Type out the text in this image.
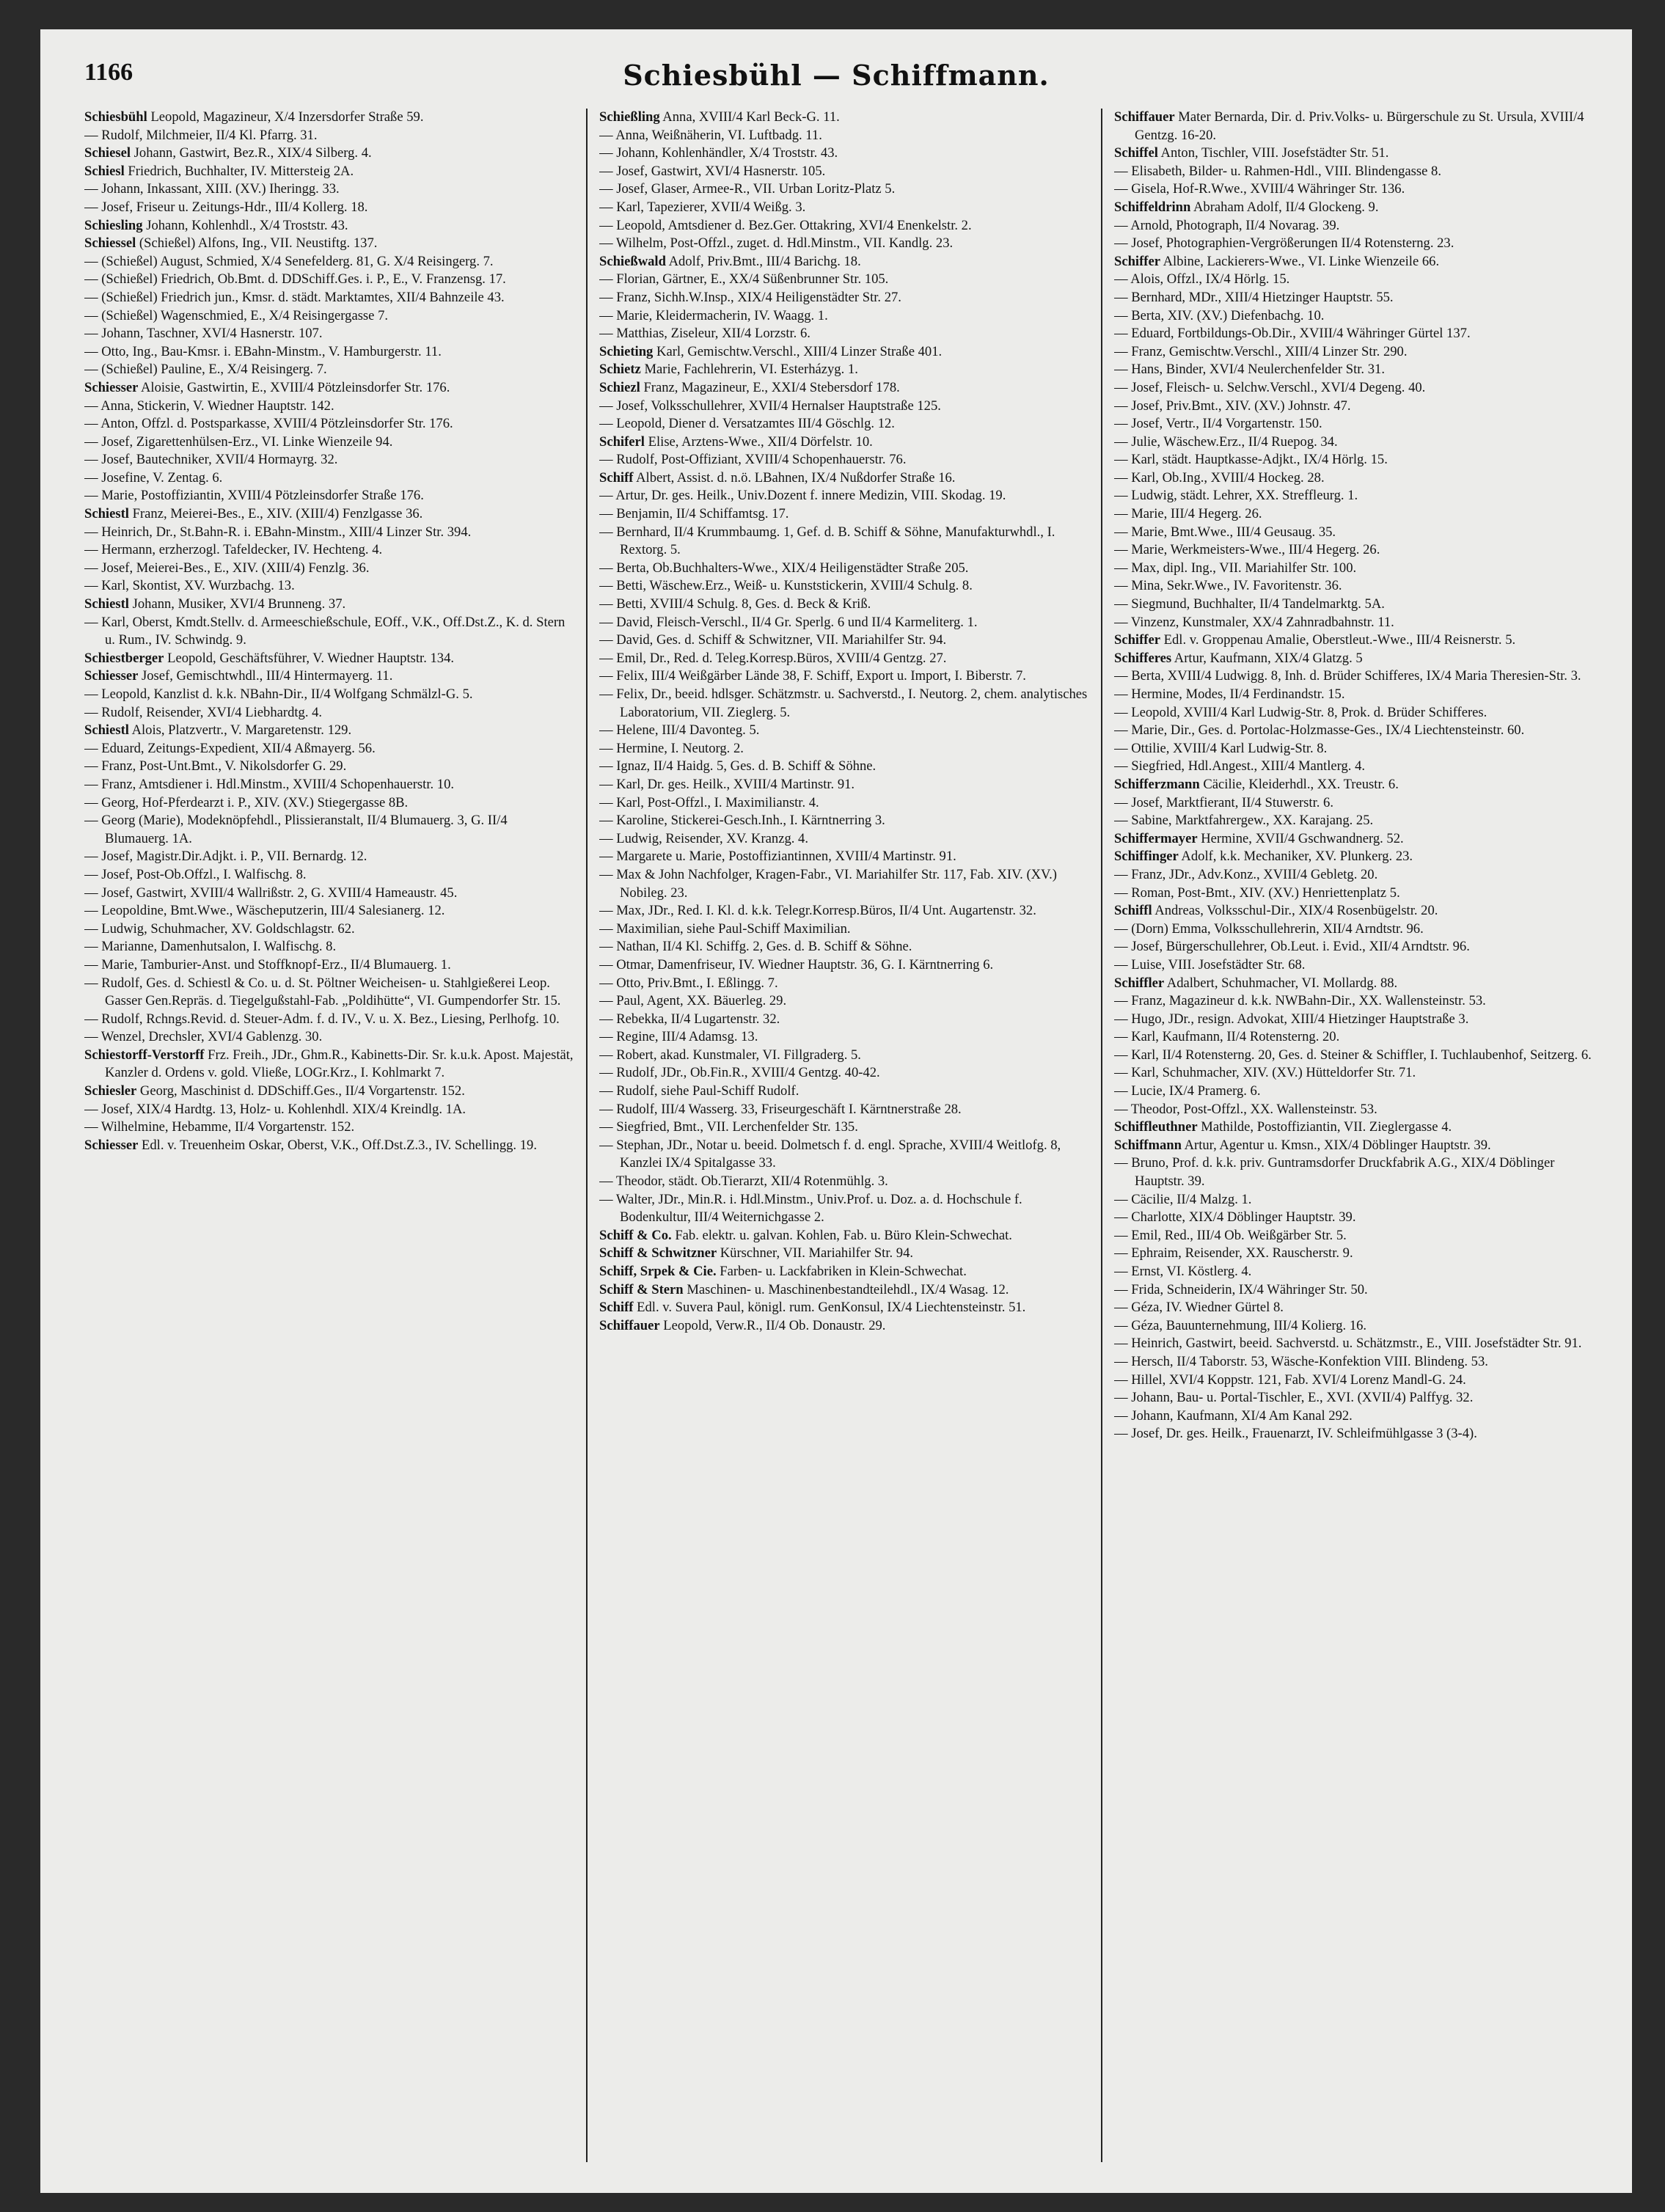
1166	Schiesbühl — Schiffmann.

Schiesbühl Leopold, Magazineur, X/4 Inzersdorfer Straße 59.

— Rudolf, Milchmeier, II/4 Kl. Pfarrg. 31.

Schiesel Johann, Gastwirt, Bez.R., XIX/4 Silberg. 4.

Schiesl Friedrich, Buchhalter, IV. Mittersteig 2A.

— Johann, Inkassant, XIII. (XV.) Iheringg. 33.

— Josef, Friseur u. Zeitungs-Hdr., III/4 Kollerg. 18.

Schiesling Johann, Kohlenhdl., X/4 Troststr. 43.

Schiessel (Schießel) Alfons, Ing., VII. Neustiftg. 137.

— (Schießel) August, Schmied, X/4 Senefelderg. 81, G. X/4 Reisingerg. 7.

— (Schießel) Friedrich, Ob.Bmt. d. DDSchiff.Ges. i. P., E., V. Franzensg. 17.

— (Schießel) Friedrich jun., Kmsr. d. städt. Marktamtes, XII/4 Bahnzeile 43.

— (Schießel) Wagenschmied, E., X/4 Reisingergasse 7.

— Johann, Taschner, XVI/4 Hasnerstr. 107.

— Otto, Ing., Bau-Kmsr. i. EBahn-Minstm., V. Hamburgerstr. 11.

— (Schießel) Pauline, E., X/4 Reisingerg. 7.

Schiesser Aloisie, Gastwirtin, E., XVIII/4 Pötzleinsdorfer Str. 176.

— Anna, Stickerin, V. Wiedner Hauptstr. 142.

— Anton, Offzl. d. Postsparkasse, XVIII/4 Pötzleinsdorfer Str. 176.

— Josef, Zigarettenhülsen-Erz., VI. Linke Wienzeile 94.

— Josef, Bautechniker, XVII/4 Hormayrg. 32.

— Josefine, V. Zentag. 6.

— Marie, Postoffiziantin, XVIII/4 Pötzleinsdorfer Straße 176.

Schiestl Franz, Meierei-Bes., E., XIV. (XIII/4) Fenzlgasse 36.

— Heinrich, Dr., St.Bahn-R. i. EBahn-Minstm., XIII/4 Linzer Str. 394.

— Hermann, erzherzogl. Tafeldecker, IV. Hechteng. 4.

— Josef, Meierei-Bes., E., XIV. (XIII/4) Fenzlg. 36.

— Karl, Skontist, XV. Wurzbachg. 13.

Schiestl Johann, Musiker, XVI/4 Brunneng. 37.

— Karl, Oberst, Kmdt.Stellv. d. Armeeschießschule, EOff., V.K., Off.Dst.Z., K. d. Stern u. Rum., IV. Schwindg. 9.

Schiestberger Leopold, Geschäftsführer, V. Wiedner Hauptstr. 134.

Schiesser Josef, Gemischtwhdl., III/4 Hintermayerg. 11.

— Leopold, Kanzlist d. k.k. NBahn-Dir., II/4 Wolfgang Schmälzl-G. 5.

— Rudolf, Reisender, XVI/4 Liebhardtg. 4.

Schiestl Alois, Platzvertr., V. Margaretenstr. 129.

— Eduard, Zeitungs-Expedient, XII/4 Aßmayerg. 56.

— Franz, Post-Unt.Bmt., V. Nikolsdorfer G. 29.

— Franz, Amtsdiener i. Hdl.Minstm., XVIII/4 Schopenhauerstr. 10.

— Georg, Hof-Pferdearzt i. P., XIV. (XV.) Stiegergasse 8B.

— Georg (Marie), Modeknöpfehdl., Plissieranstalt, II/4 Blumauerg. 3, G. II/4 Blumauerg. 1A.

— Josef, Magistr.Dir.Adjkt. i. P., VII. Bernardg. 12.

— Josef, Post-Ob.Offzl., I. Walfischg. 8.

— Josef, Gastwirt, XVIII/4 Wallrißstr. 2, G. XVIII/4 Hameaustr. 45.

— Leopoldine, Bmt.Wwe., Wäscheputzerin, III/4 Salesianerg. 12.

— Ludwig, Schuhmacher, XV. Goldschlagstr. 62.

— Marianne, Damenhutsalon, I. Walfischg. 8.

— Marie, Tamburier-Anst. und Stoffknopf-Erz., II/4 Blumauerg. 1.

— Rudolf, Ges. d. Schiestl & Co. u. d. St. Pöltner Weicheisen- u. Stahlgießerei Leop. Gasser Gen.Repräs. d. Tiegelgußstahl-Fab. „Poldihütte“, VI. Gumpendorfer Str. 15.

— Rudolf, Rchngs.Revid. d. Steuer-Adm. f. d. IV., V. u. X. Bez., Liesing, Perlhofg. 10.

— Wenzel, Drechsler, XVI/4 Gablenzg. 30.

Schiestorff-Verstorff Frz. Freih., JDr., Ghm.R., Kabinetts-Dir. Sr. k.u.k. Apost. Majestät, Kanzler d. Ordens v. gold. Vließe, LOGr.Krz., I. Kohlmarkt 7.

Schiesler Georg, Maschinist d. DDSchiff.Ges., II/4 Vorgartenstr. 152.

— Josef, XIX/4 Hardtg. 13, Holz- u. Kohlenhdl. XIX/4 Kreindlg. 1A.

— Wilhelmine, Hebamme, II/4 Vorgartenstr. 152.

Schiesser Edl. v. Treuenheim Oskar, Oberst, V.K., Off.Dst.Z.3., IV. Schellingg. 19.

Schießling Anna, XVIII/4 Karl Beck-G. 11.

— Anna, Weißnäherin, VI. Luftbadg. 11.

— Johann, Kohlenhändler, X/4 Troststr. 43.

— Josef, Gastwirt, XVI/4 Hasnerstr. 105.

— Josef, Glaser, Armee-R., VII. Urban Loritz-Platz 5.

— Karl, Tapezierer, XVII/4 Weißg. 3.

— Leopold, Amtsdiener d. Bez.Ger. Ottakring, XVI/4 Enenkelstr. 2.

— Wilhelm, Post-Offzl., zuget. d. Hdl.Minstm., VII. Kandlg. 23.

Schießwald Adolf, Priv.Bmt., III/4 Barichg. 18.

— Florian, Gärtner, E., XX/4 Süßenbrunner Str. 105.

— Franz, Sichh.W.Insp., XIX/4 Heiligenstädter Str. 27.

— Marie, Kleidermacherin, IV. Waagg. 1.

— Matthias, Ziseleur, XII/4 Lorzstr. 6.

Schieting Karl, Gemischtw.Verschl., XIII/4 Linzer Straße 401.

Schietz Marie, Fachlehrerin, VI. Esterházyg. 1.

Schiezl Franz, Magazineur, E., XXI/4 Stebersdorf 178.

— Josef, Volksschullehrer, XVII/4 Hernalser Hauptstraße 125.

— Leopold, Diener d. Versatzamtes III/4 Göschlg. 12.

Schiferl Elise, Arztens-Wwe., XII/4 Dörfelstr. 10.

— Rudolf, Post-Offiziant, XVIII/4 Schopenhauerstr. 76.

Schiff Albert, Assist. d. n.ö. LBahnen, IX/4 Nußdorfer Straße 16.

— Artur, Dr. ges. Heilk., Univ.Dozent f. innere Medizin, VIII. Skodag. 19.

— Benjamin, II/4 Schiffamtsg. 17.

— Bernhard, II/4 Krummbaumg. 1, Gef. d. B. Schiff & Söhne, Manufakturwhdl., I. Rextorg. 5.

— Berta, Ob.Buchhalters-Wwe., XIX/4 Heiligenstädter Straße 205.

— Betti, Wäschew.Erz., Weiß- u. Kunststickerin, XVIII/4 Schulg. 8.

— Betti, XVIII/4 Schulg. 8, Ges. d. Beck & Kriß.

— David, Fleisch-Verschl., II/4 Gr. Sperlg. 6 und II/4 Karmeliterg. 1.

— David, Ges. d. Schiff & Schwitzner, VII. Mariahilfer Str. 94.

— Emil, Dr., Red. d. Teleg.Korresp.Büros, XVIII/4 Gentzg. 27.

— Felix, III/4 Weißgärber Lände 38, F. Schiff, Export u. Import, I. Biberstr. 7.

— Felix, Dr., beeid. hdlsger. Schätzmstr. u. Sachverstd., I. Neutorg. 2, chem. analytisches Laboratorium, VII. Zieglerg. 5.

— Helene, III/4 Davonteg. 5.

— Hermine, I. Neutorg. 2.

— Ignaz, II/4 Haidg. 5, Ges. d. B. Schiff & Söhne.

— Karl, Dr. ges. Heilk., XVIII/4 Martinstr. 91.

— Karl, Post-Offzl., I. Maximilianstr. 4.

— Karoline, Stickerei-Gesch.Inh., I. Kärntnerring 3.

— Ludwig, Reisender, XV. Kranzg. 4.

— Margarete u. Marie, Postoffiziantinnen, XVIII/4 Martinstr. 91.

— Max & John Nachfolger, Kragen-Fabr., VI. Mariahilfer Str. 117, Fab. XIV. (XV.) Nobileg. 23.

— Max, JDr., Red. I. Kl. d. k.k. Telegr.Korresp.Büros, II/4 Unt. Augartenstr. 32.

— Maximilian, siehe Paul-Schiff Maximilian.

— Nathan, II/4 Kl. Schiffg. 2, Ges. d. B. Schiff & Söhne.

— Otmar, Damenfriseur, IV. Wiedner Hauptstr. 36, G. I. Kärntnerring 6.

— Otto, Priv.Bmt., I. Eßlingg. 7.

— Paul, Agent, XX. Bäuerleg. 29.

— Rebekka, II/4 Lugartenstr. 32.

— Regine, III/4 Adamsg. 13.

— Robert, akad. Kunstmaler, VI. Fillgraderg. 5.

— Rudolf, JDr., Ob.Fin.R., XVIII/4 Gentzg. 40-42.

— Rudolf, siehe Paul-Schiff Rudolf.

— Rudolf, III/4 Wasserg. 33, Friseurgeschäft I. Kärntnerstraße 28.

— Siegfried, Bmt., VII. Lerchenfelder Str. 135.

— Stephan, JDr., Notar u. beeid. Dolmetsch f. d. engl. Sprache, XVIII/4 Weitlofg. 8, Kanzlei IX/4 Spitalgasse 33.

— Theodor, städt. Ob.Tierarzt, XII/4 Rotenmühlg. 3.

— Walter, JDr., Min.R. i. Hdl.Minstm., Univ.Prof. u. Doz. a. d. Hochschule f. Bodenkultur, III/4 Weiternichgasse 2.

Schiff & Co. Fab. elektr. u. galvan. Kohlen, Fab. u. Büro Klein-Schwechat.

Schiff & Schwitzner Kürschner, VII. Mariahilfer Str. 94.

Schiff, Srpek & Cie. Farben- u. Lackfabriken in Klein-Schwechat.

Schiff & Stern Maschinen- u. Maschinenbestandteilehdl., IX/4 Wasag. 12.

Schiff Edl. v. Suvera Paul, königl. rum. GenKonsul, IX/4 Liechtensteinstr. 51.

Schiffauer Leopold, Verw.R., II/4 Ob. Donaustr. 29.

Schiffauer Mater Bernarda, Dir. d. Priv.Volks- u. Bürgerschule zu St. Ursula, XVIII/4 Gentzg. 16-20.

Schiffel Anton, Tischler, VIII. Josefstädter Str. 51.

— Elisabeth, Bilder- u. Rahmen-Hdl., VIII. Blindengasse 8.

— Gisela, Hof-R.Wwe., XVIII/4 Währinger Str. 136.

Schiffeldrinn Abraham Adolf, II/4 Glockeng. 9.

— Arnold, Photograph, II/4 Novarag. 39.

— Josef, Photographien-Vergrößerungen II/4 Rotensterng. 23.

Schiffer Albine, Lackierers-Wwe., VI. Linke Wienzeile 66.

— Alois, Offzl., IX/4 Hörlg. 15.

— Bernhard, MDr., XIII/4 Hietzinger Hauptstr. 55.

— Berta, XIV. (XV.) Diefenbachg. 10.

— Eduard, Fortbildungs-Ob.Dir., XVIII/4 Währinger Gürtel 137.

— Franz, Gemischtw.Verschl., XIII/4 Linzer Str. 290.

— Hans, Binder, XVI/4 Neulerchenfelder Str. 31.

— Josef, Fleisch- u. Selchw.Verschl., XVI/4 Degeng. 40.

— Josef, Priv.Bmt., XIV. (XV.) Johnstr. 47.

— Josef, Vertr., II/4 Vorgartenstr. 150.

— Julie, Wäschew.Erz., II/4 Ruepog. 34.

— Karl, städt. Hauptkasse-Adjkt., IX/4 Hörlg. 15.

— Karl, Ob.Ing., XVIII/4 Hockeg. 28.

— Ludwig, städt. Lehrer, XX. Streffleurg. 1.

— Marie, III/4 Hegerg. 26.

— Marie, Bmt.Wwe., III/4 Geusaug. 35.

— Marie, Werkmeisters-Wwe., III/4 Hegerg. 26.

— Max, dipl. Ing., VII. Mariahilfer Str. 100.

— Mina, Sekr.Wwe., IV. Favoritenstr. 36.

— Siegmund, Buchhalter, II/4 Tandelmarktg. 5A.

— Vinzenz, Kunstmaler, XX/4 Zahnradbahnstr. 11.

Schiffer Edl. v. Groppenau Amalie, Oberstleut.-Wwe., III/4 Reisnerstr. 5.

Schifferes Artur, Kaufmann, XIX/4 Glatzg. 5

— Berta, XVIII/4 Ludwigg. 8, Inh. d. Brüder Schifferes, IX/4 Maria Theresien-Str. 3.

— Hermine, Modes, II/4 Ferdinandstr. 15.

— Leopold, XVIII/4 Karl Ludwig-Str. 8, Prok. d. Brüder Schifferes.

— Marie, Dir., Ges. d. Portolac-Holzmasse-Ges., IX/4 Liechtensteinstr. 60.

— Ottilie, XVIII/4 Karl Ludwig-Str. 8.

— Siegfried, Hdl.Angest., XIII/4 Mantlerg. 4.

Schifferzmann Cäcilie, Kleiderhdl., XX. Treustr. 6.

— Josef, Marktfierant, II/4 Stuwerstr. 6.

— Sabine, Marktfahrergew., XX. Karajang. 25.

Schiffermayer Hermine, XVII/4 Gschwandnerg. 52.

Schiffinger Adolf, k.k. Mechaniker, XV. Plunkerg. 23.

— Franz, JDr., Adv.Konz., XVIII/4 Gebletg. 20.

— Roman, Post-Bmt., XIV. (XV.) Henriettenplatz 5.

Schiffl Andreas, Volksschul-Dir., XIX/4 Rosenbügelstr. 20.

— (Dorn) Emma, Volksschullehrerin, XII/4 Arndtstr. 96.

— Josef, Bürgerschullehrer, Ob.Leut. i. Evid., XII/4 Arndtstr. 96.

— Luise, VIII. Josefstädter Str. 68.

Schiffler Adalbert, Schuhmacher, VI. Mollardg. 88.

— Franz, Magazineur d. k.k. NWBahn-Dir., XX. Wallensteinstr. 53.

— Hugo, JDr., resign. Advokat, XIII/4 Hietzinger Hauptstraße 3.

— Karl, Kaufmann, II/4 Rotensterng. 20.

— Karl, II/4 Rotensterng. 20, Ges. d. Steiner & Schiffler, I. Tuchlaubenhof, Seitzerg. 6.

— Karl, Schuhmacher, XIV. (XV.) Hütteldorfer Str. 71.

— Lucie, IX/4 Pramerg. 6.

— Theodor, Post-Offzl., XX. Wallensteinstr. 53.

Schiffleuthner Mathilde, Postoffiziantin, VII. Zieglergasse 4.

Schiffmann Artur, Agentur u. Kmsn., XIX/4 Döblinger Hauptstr. 39.

— Bruno, Prof. d. k.k. priv. Guntramsdorfer Druckfabrik A.G., XIX/4 Döblinger Hauptstr. 39.

— Cäcilie, II/4 Malzg. 1.

— Charlotte, XIX/4 Döblinger Hauptstr. 39.

— Emil, Red., III/4 Ob. Weißgärber Str. 5.

— Ephraim, Reisender, XX. Rauscherstr. 9.

— Ernst, VI. Köstlerg. 4.

— Frida, Schneiderin, IX/4 Währinger Str. 50.

— Géza, IV. Wiedner Gürtel 8.

— Géza, Bauunternehmung, III/4 Kolierg. 16.

— Heinrich, Gastwirt, beeid. Sachverstd. u. Schätzmstr., E., VIII. Josefstädter Str. 91.

— Hersch, II/4 Taborstr. 53, Wäsche-Konfektion VIII. Blindeng. 53.

— Hillel, XVI/4 Koppstr. 121, Fab. XVI/4 Lorenz Mandl-G. 24.

— Johann, Bau- u. Portal-Tischler, E., XVI. (XVII/4) Palffyg. 32.

— Johann, Kaufmann, XI/4 Am Kanal 292.

— Josef, Dr. ges. Heilk., Frauenarzt, IV. Schleifmühlgasse 3 (3-4).
